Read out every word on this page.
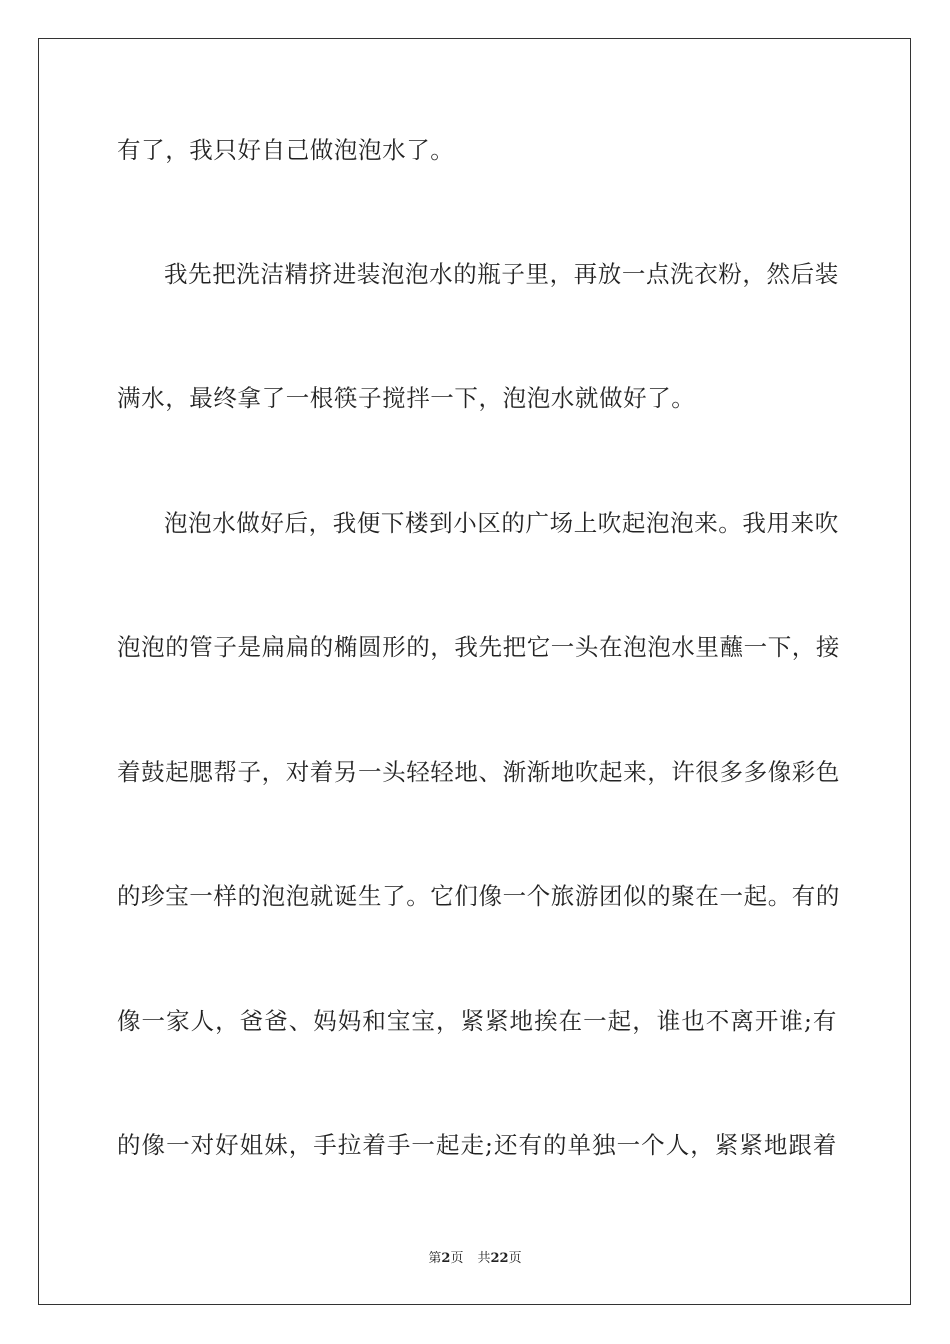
有了，我只好自己做泡泡水了。
我先把洗洁精挤进装泡泡水的瓶子里，再放一点洗衣粉，然后装
满水，最终拿了一根筷子搅拌一下，泡泡水就做好了。
泡泡水做好后，我便下楼到小区的广场上吹起泡泡来。我用来吹
泡泡的管子是扁扁的椭圆形的，我先把它一头在泡泡水里蘸一下，接
着鼓起腮帮子，对着另一头轻轻地、渐渐地吹起来，许很多多像彩色
的珍宝一样的泡泡就诞生了。它们像一个旅游团似的聚在一起。有的
像一家人，爸爸、妈妈和宝宝，紧紧地挨在一起，谁也不离开谁;有
的像一对好姐妹，手拉着手一起走;还有的单独一个人，紧紧地跟着
第2页 共22页
